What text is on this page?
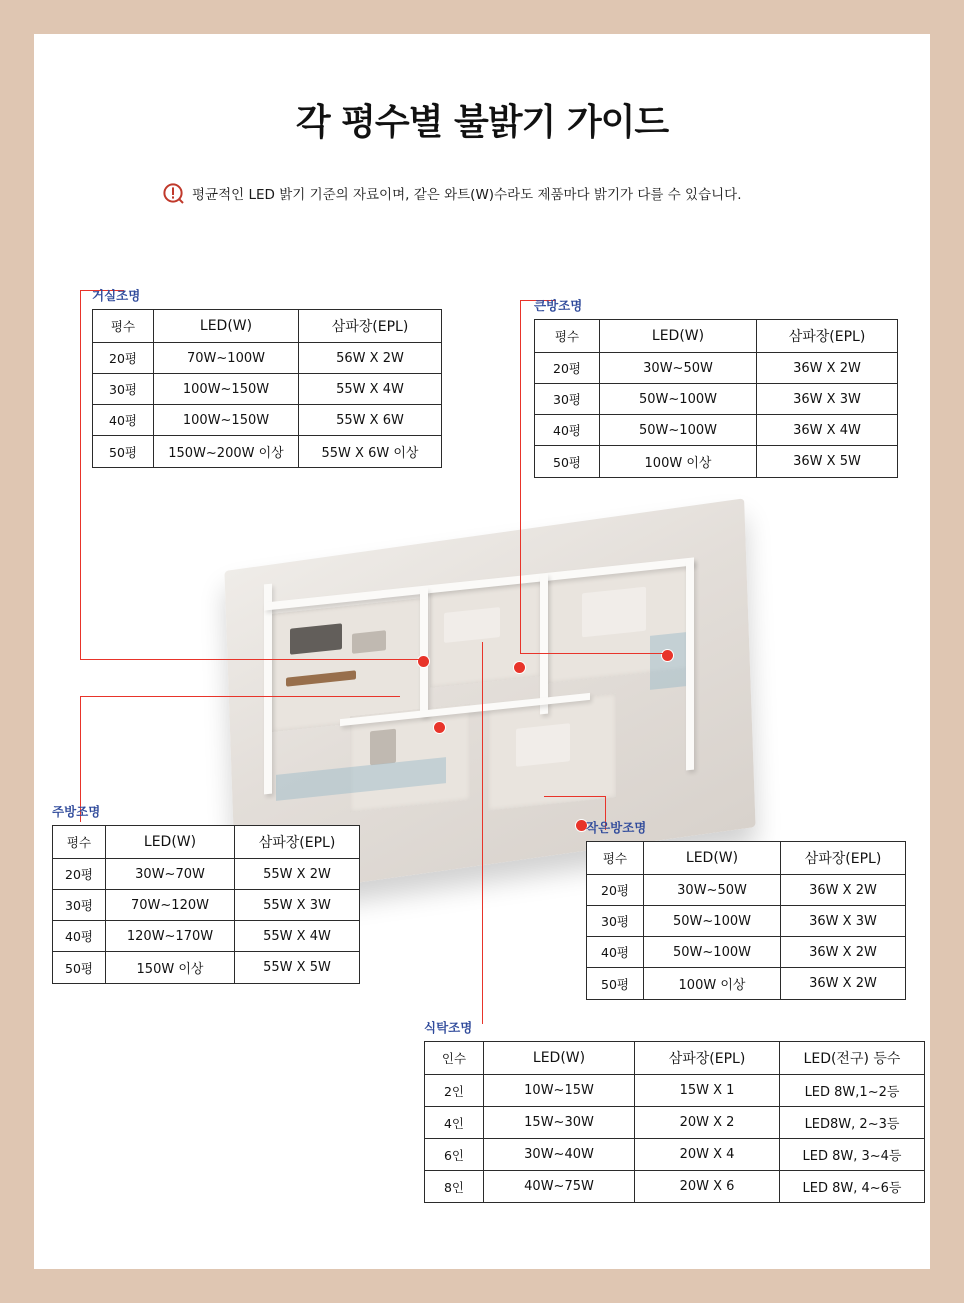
각 평수별 불밝기 가이드
평균적인 LED 밝기 기준의 자료이며, 같은 와트(W)수라도 제품마다 밝기가 다를 수 있습니다.
거실조명
평수	LED(W)	삼파장(EPL)
20평	70W~100W	56W X 2W
30평	100W~150W	55W X 4W
40평	100W~150W	55W X 6W
50평	150W~200W 이상	55W X 6W 이상
큰방조명
평수	LED(W)	삼파장(EPL)
20평	30W~50W	36W X 2W
30평	50W~100W	36W X 3W
40평	50W~100W	36W X 4W
50평	100W 이상	36W X 5W
주방조명
평수	LED(W)	삼파장(EPL)
20평	30W~70W	55W X 2W
30평	70W~120W	55W X 3W
40평	120W~170W	55W X 4W
50평	150W 이상	55W X 5W
작은방조명
평수	LED(W)	삼파장(EPL)
20평	30W~50W	36W X 2W
30평	50W~100W	36W X 3W
40평	50W~100W	36W X 2W
50평	100W 이상	36W X 2W
식탁조명
인수	LED(W)	삼파장(EPL)	LED(전구) 등수
2인	10W~15W	15W X 1	LED 8W,1~2등
4인	15W~30W	20W X 2	LED8W, 2~3등
6인	30W~40W	20W X 4	LED 8W, 3~4등
8인	40W~75W	20W X 6	LED 8W, 4~6등
